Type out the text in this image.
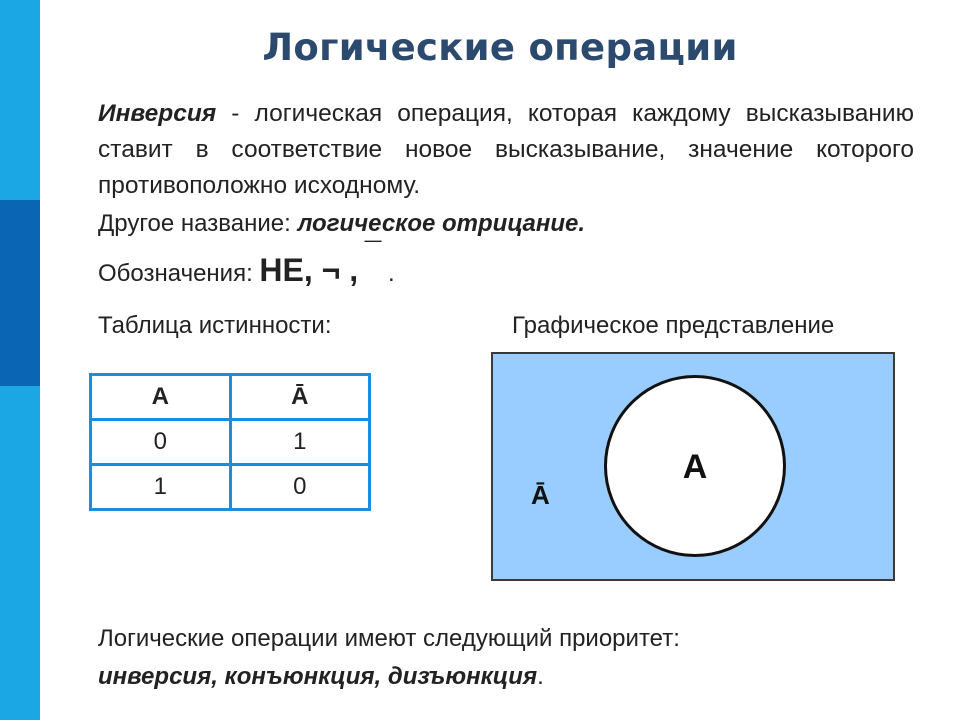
Логические операции
Инверсия - логическая операция, которая каждому высказыванию ставит в соответствие новое высказывание, значение которого противоположно исходному.
Другое название: логическое отрицание.
Обозначения: НЕ, ¬ , ¯ .
Таблица истинности:	Графическое представление
A	Ā
0	1
1	0
A
Ā
Логические операции имеют следующий приоритет:
инверсия, конъюнкция, дизъюнкция.
